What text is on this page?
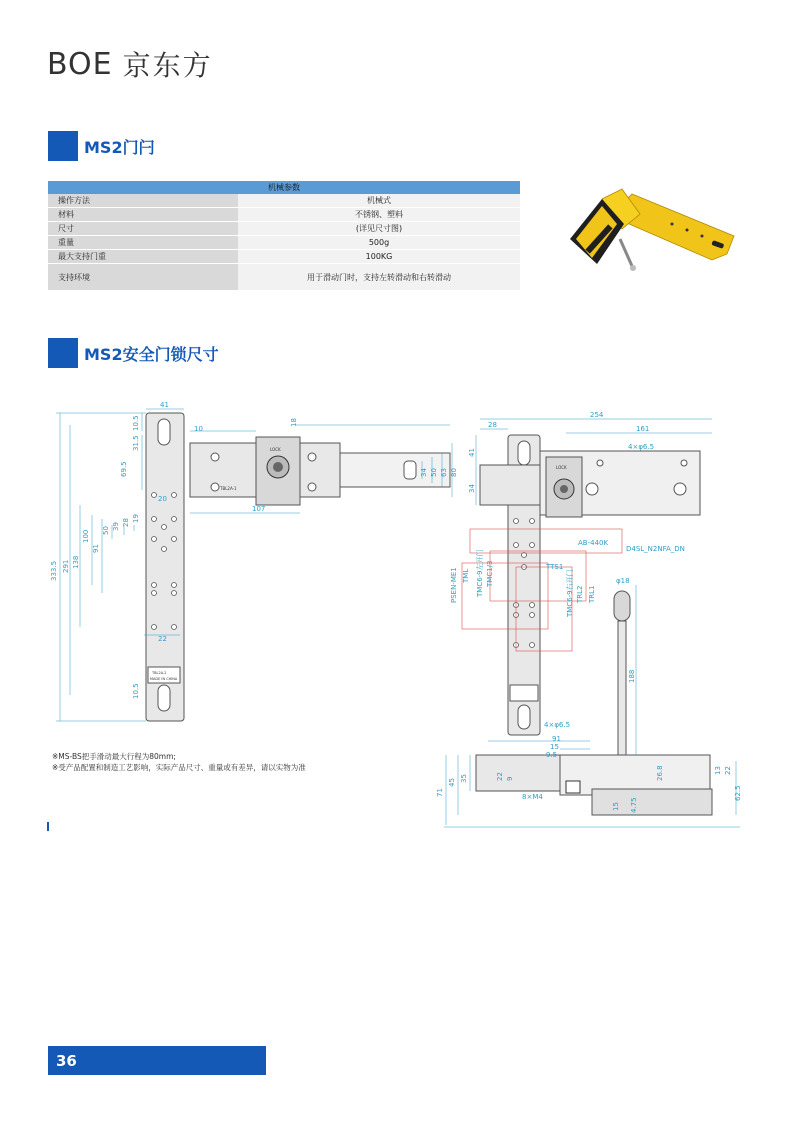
BOE 京东方
MS2门闩
机械参数	
操作方法	机械式
材料	不锈钢、塑料
尺寸	(详见尺寸图)
重量	500g
最大支持门重	100KG
支持环境	用于滑动门时，支持左转滑动和右转滑动
MS2安全门锁尺寸
TBL2A-2
MADE IN CHINA
LOCK
TBL2A-1
41
10.5
31.5
69.5
20
19
28
39
50
100
91
138
291
333.5
22
10.5
10
18
107
34 50 63 80
LOCK
AB-440K
D4SL_N2NFA_DN
TTS1
TRL2 TRL1
PSEN-ME1	TMC6-9左开门 TMC1/3
TML	TMC6-9右开门
254
28	161
4×φ6.5
41
34
φ18
188
4×φ6.5
91
15
9.5
22 9
35
45
71	8×M4
26.8
15 4.75
13 22
62.5
※MS-BS把手滑动最大行程为80mm;
※受产品配置和制造工艺影响，实际产品尺寸、重量或有差异，请以实物为准
36
